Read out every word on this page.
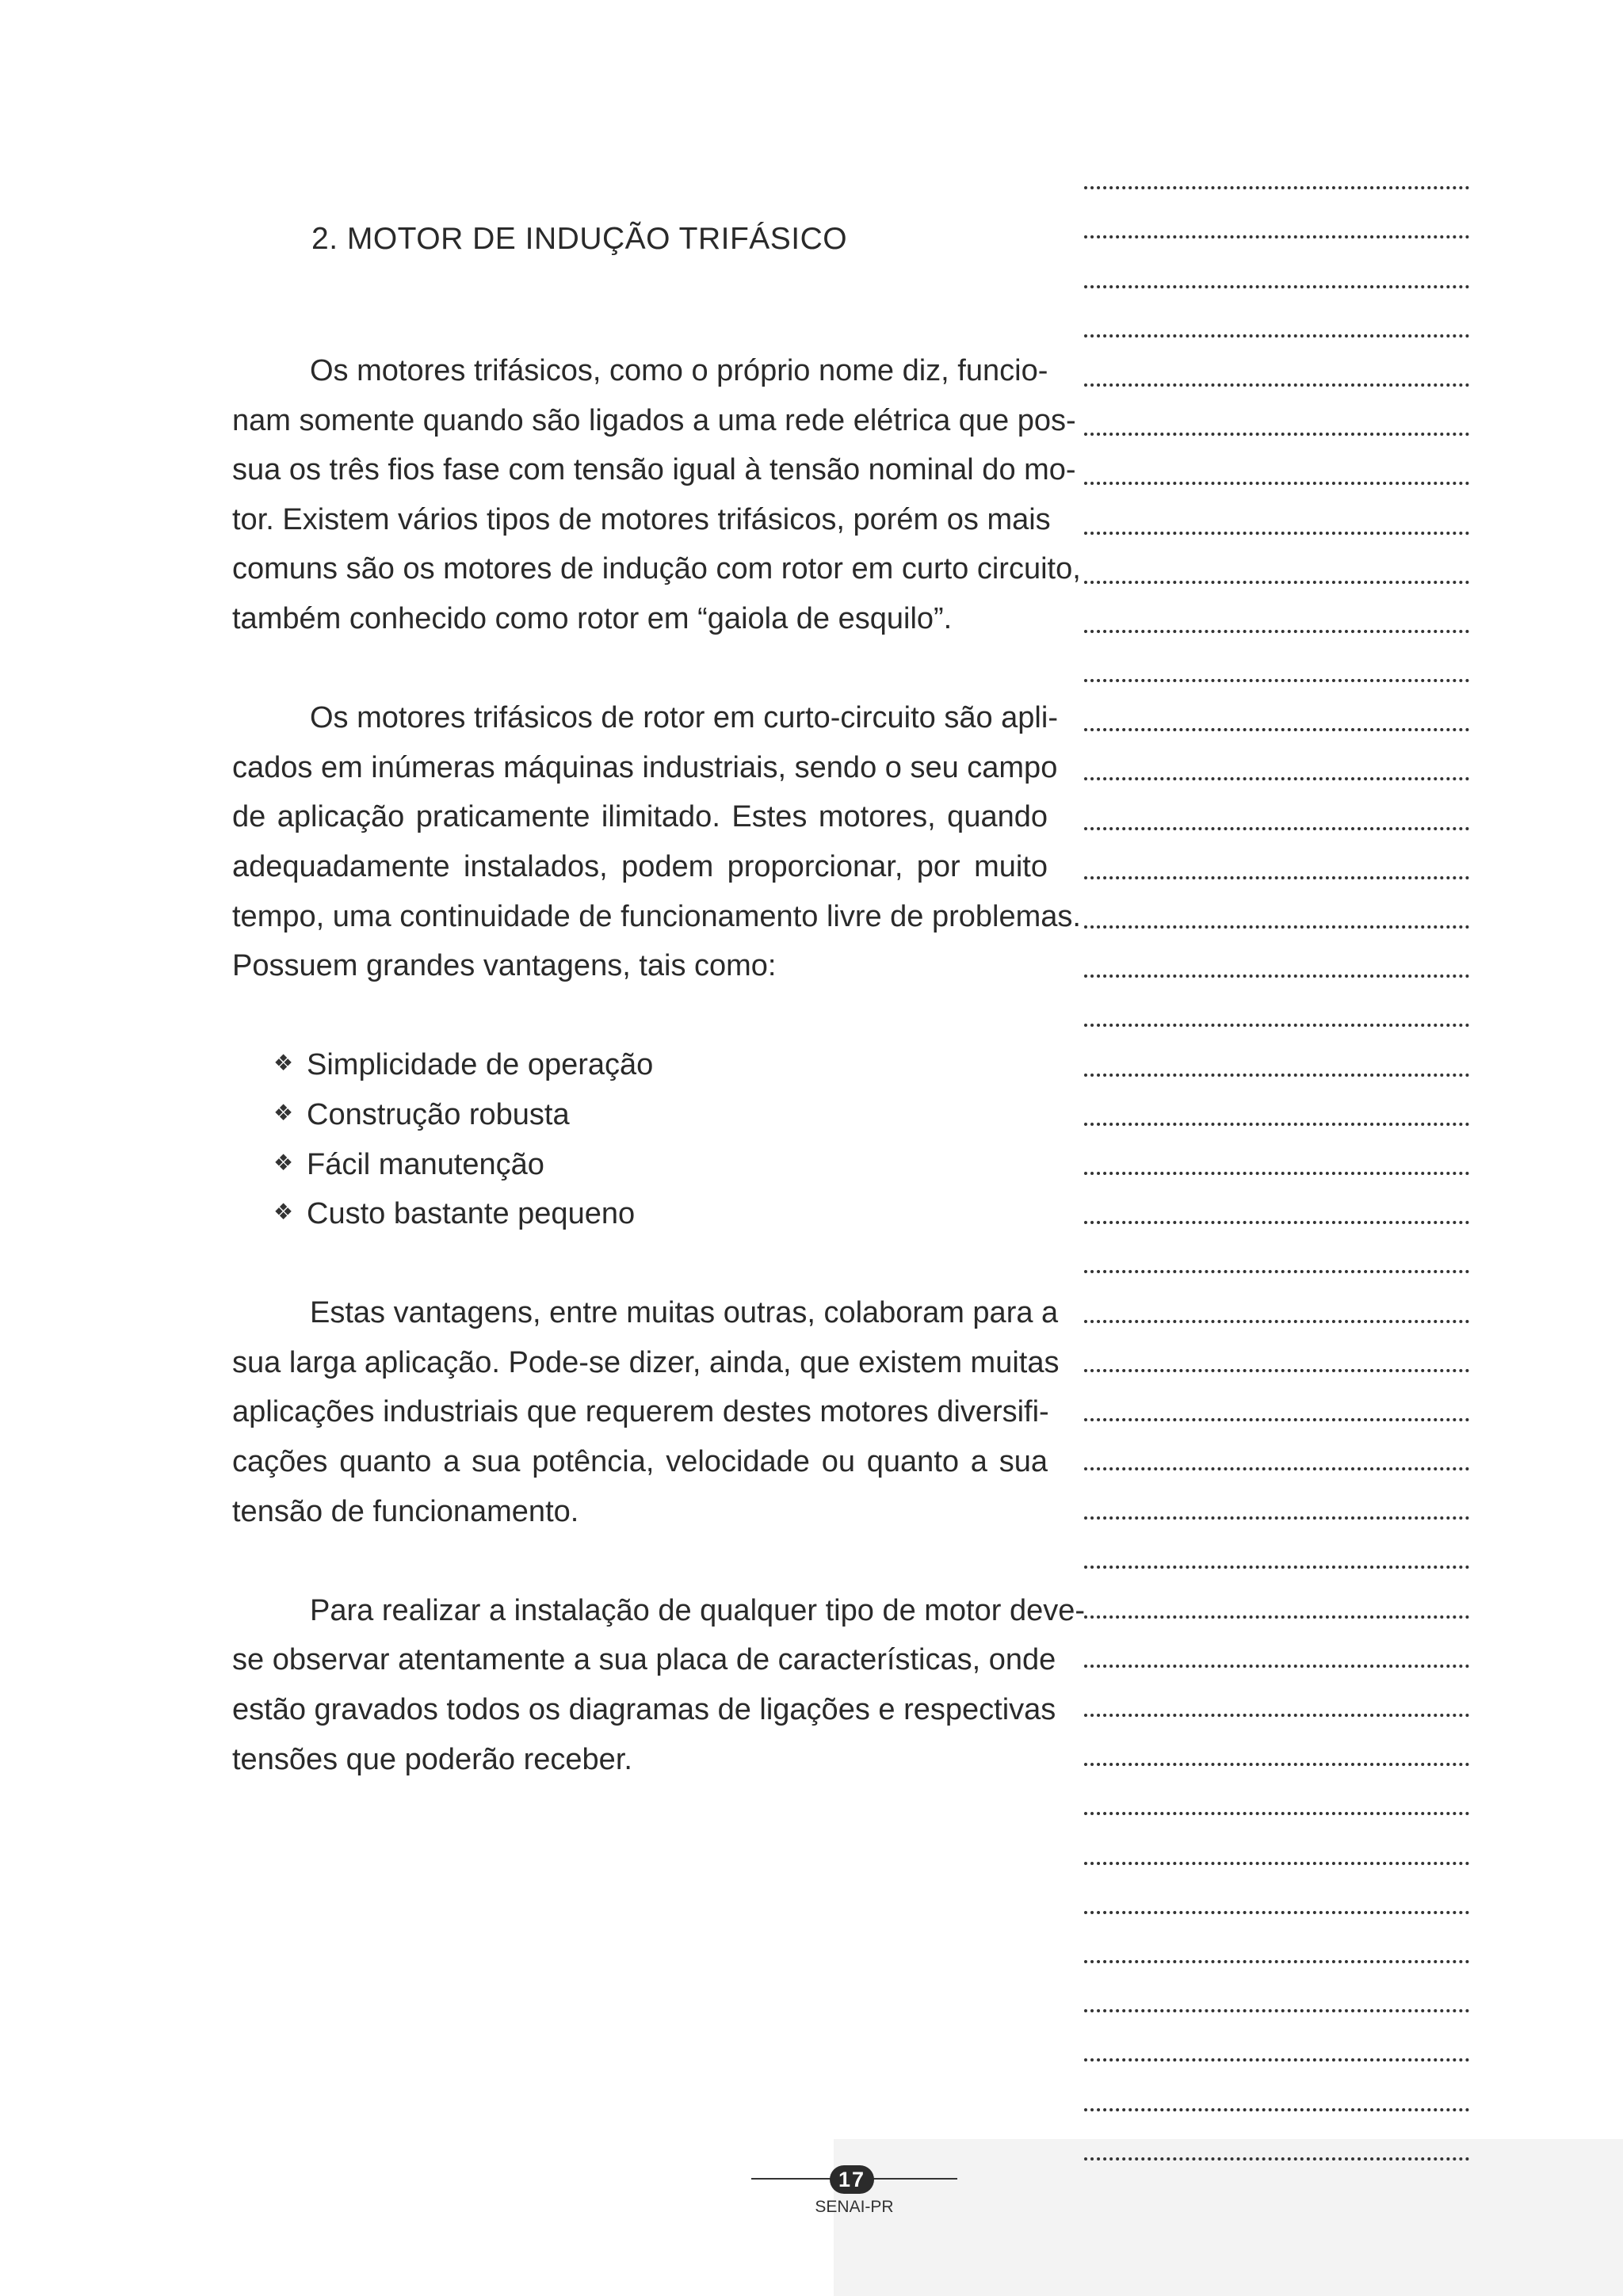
2. MOTOR DE INDUÇÃO TRIFÁSICO
Os motores trifásicos, como o próprio nome diz, funcio-
nam somente quando são ligados a uma rede elétrica que pos-
sua os três fios fase com tensão igual à tensão nominal do mo-
tor. Existem vários tipos de motores trifásicos, porém os mais
comuns são os motores de indução com rotor em curto circuito,
também conhecido como rotor em “gaiola de esquilo”.
Os motores trifásicos de rotor em curto-circuito são apli-
cados em inúmeras máquinas industriais, sendo o seu campo
de aplicação praticamente ilimitado. Estes motores, quando
adequadamente instalados, podem proporcionar, por muito
tempo, uma continuidade de funcionamento livre de problemas.
Possuem grandes vantagens, tais como:
❖ Simplicidade de operação
❖ Construção robusta
❖ Fácil manutenção
❖ Custo bastante pequeno
Estas vantagens, entre muitas outras, colaboram para a
sua larga aplicação. Pode-se dizer, ainda, que existem muitas
aplicações industriais que requerem destes motores diversifi-
cações quanto a sua potência, velocidade ou quanto a sua
tensão de funcionamento.
Para realizar a instalação de qualquer tipo de motor deve-
se observar atentamente a sua placa de características, onde
estão gravados todos os diagramas de ligações e respectivas
tensões que poderão receber.
17
SENAI-PR
